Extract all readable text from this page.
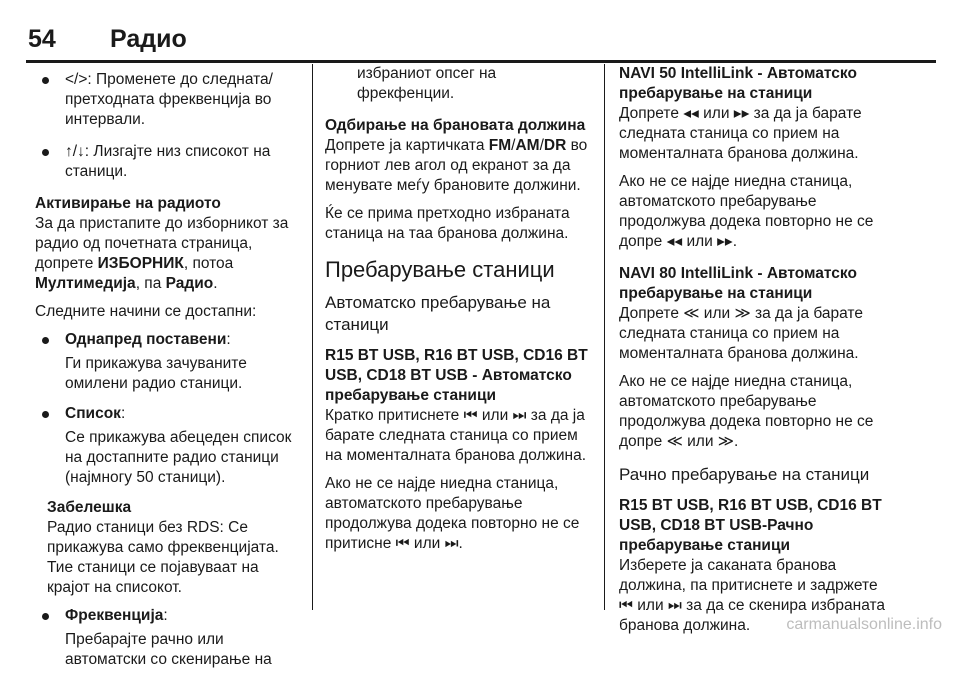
54 Радио

</>: Променете до следната/претходната фреквенција во интервали.

↑/↓: Лизгајте низ списокот на станици.

Активирање на радиото

За да пристапите до изборникот за радио од почетната страница, допрете ИЗБОРНИК, потоа Мултимедија, па Радио.

Следните начини се достапни:

Однапред поставени:

Ги прикажува зачуваните омилени радио станици.

Список:

Се прикажува абецеден список на достапните радио станици (најмногу 50 станици).

Забелешка

Радио станици без RDS: Се прикажува само фреквенцијата. Тие станици се појавуваат на крајот на списокот.

Фреквенција:

Пребарајте рачно или автоматски со скенирање на

избраниот опсег на фрекфенции.

Одбирање на брановата должина

Допрете ја картичката FM/AM/DR во горниот лев агол од екранот за да менувате меѓу брановите должини.

Ќе се прима претходно избраната станица на таа бранова должина.

Пребарување станици

Автоматско пребарување на станици

R15 BT USB, R16 BT USB, CD16 BT USB, CD18 BT USB - Автоматско пребарување станици

Кратко притиснете ⏮ или ⏭ за да ја барате следната станица со прием на моменталната бранова должина.

Ако не се најде ниедна станица, автоматското пребарување продолжува додека повторно не се притисне ⏮ или ⏭.

NAVI 50 IntelliLink - Автоматско пребарување на станици

Допрете ◂◂ или ▸▸ за да ја барате следната станица со прием на моменталната бранова должина.

Ако не се најде ниедна станица, автоматското пребарување продолжува додека повторно не се допре ◂◂ или ▸▸.

NAVI 80 IntelliLink - Автоматско пребарување на станици

Допрете ≪ или ≫ за да ја барате следната станица со прием на моменталната бранова должина.

Ако не се најде ниедна станица, автоматското пребарување продолжува додека повторно не се допре ≪ или ≫.

Рачно пребарување на станици

R15 BT USB, R16 BT USB, CD16 BT USB, CD18 BT USB-Рачно пребарување станици

Изберете ја саканата бранова должина, па притиснете и задржете ⏮ или ⏭ за да се скенира избраната бранова должина.	carmanualsonline.info
